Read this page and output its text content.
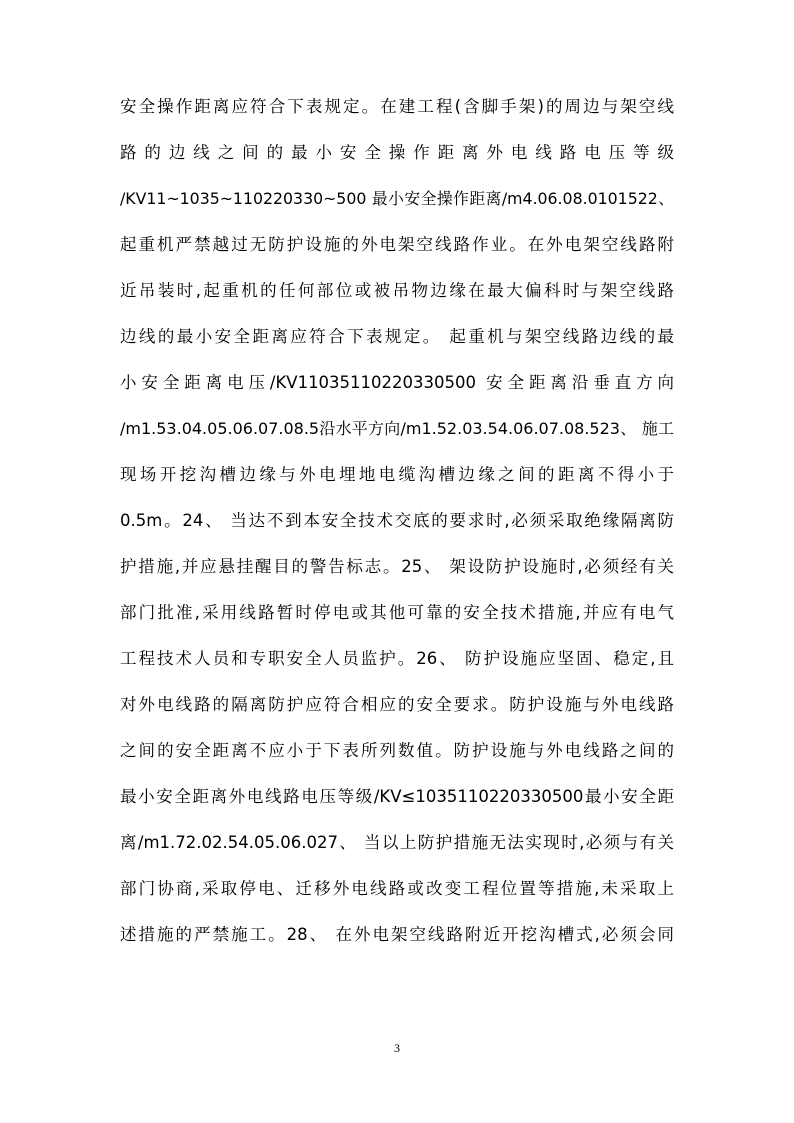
安全操作距离应符合下表规定。在建工程(含脚手架)的周边与架空线
路的边线之间的最小安全操作距离外电线路电压等级
/KV11~1035~110220330~500 最小安全操作距离/m4.06.08.0101522、
起重机严禁越过无防护设施的外电架空线路作业。在外电架空线路附
近吊装时,起重机的任何部位或被吊物边缘在最大偏科时与架空线路
边线的最小安全距离应符合下表规定。 起重机与架空线路边线的最
小安全距离电压/KV11035110220330500 安全距离沿垂直方向
/m1.53.04.05.06.07.08.5沿水平方向/m1.52.03.54.06.07.08.523、 施工
现场开挖沟槽边缘与外电埋地电缆沟槽边缘之间的距离不得小于
0.5m。24、 当达不到本安全技术交底的要求时,必须采取绝缘隔离防
护措施,并应悬挂醒目的警告标志。25、 架设防护设施时,必须经有关
部门批准,采用线路暂时停电或其他可靠的安全技术措施,并应有电气
工程技术人员和专职安全人员监护。26、 防护设施应坚固、稳定,且
对外电线路的隔离防护应符合相应的安全要求。防护设施与外电线路
之间的安全距离不应小于下表所列数值。防护设施与外电线路之间的
最小安全距离外电线路电压等级/KV≤1035110220330500最小安全距
离/m1.72.02.54.05.06.027、 当以上防护措施无法实现时,必须与有关
部门协商,采取停电、迁移外电线路或改变工程位置等措施,未采取上
述措施的严禁施工。28、 在外电架空线路附近开挖沟槽式,必须会同
3
